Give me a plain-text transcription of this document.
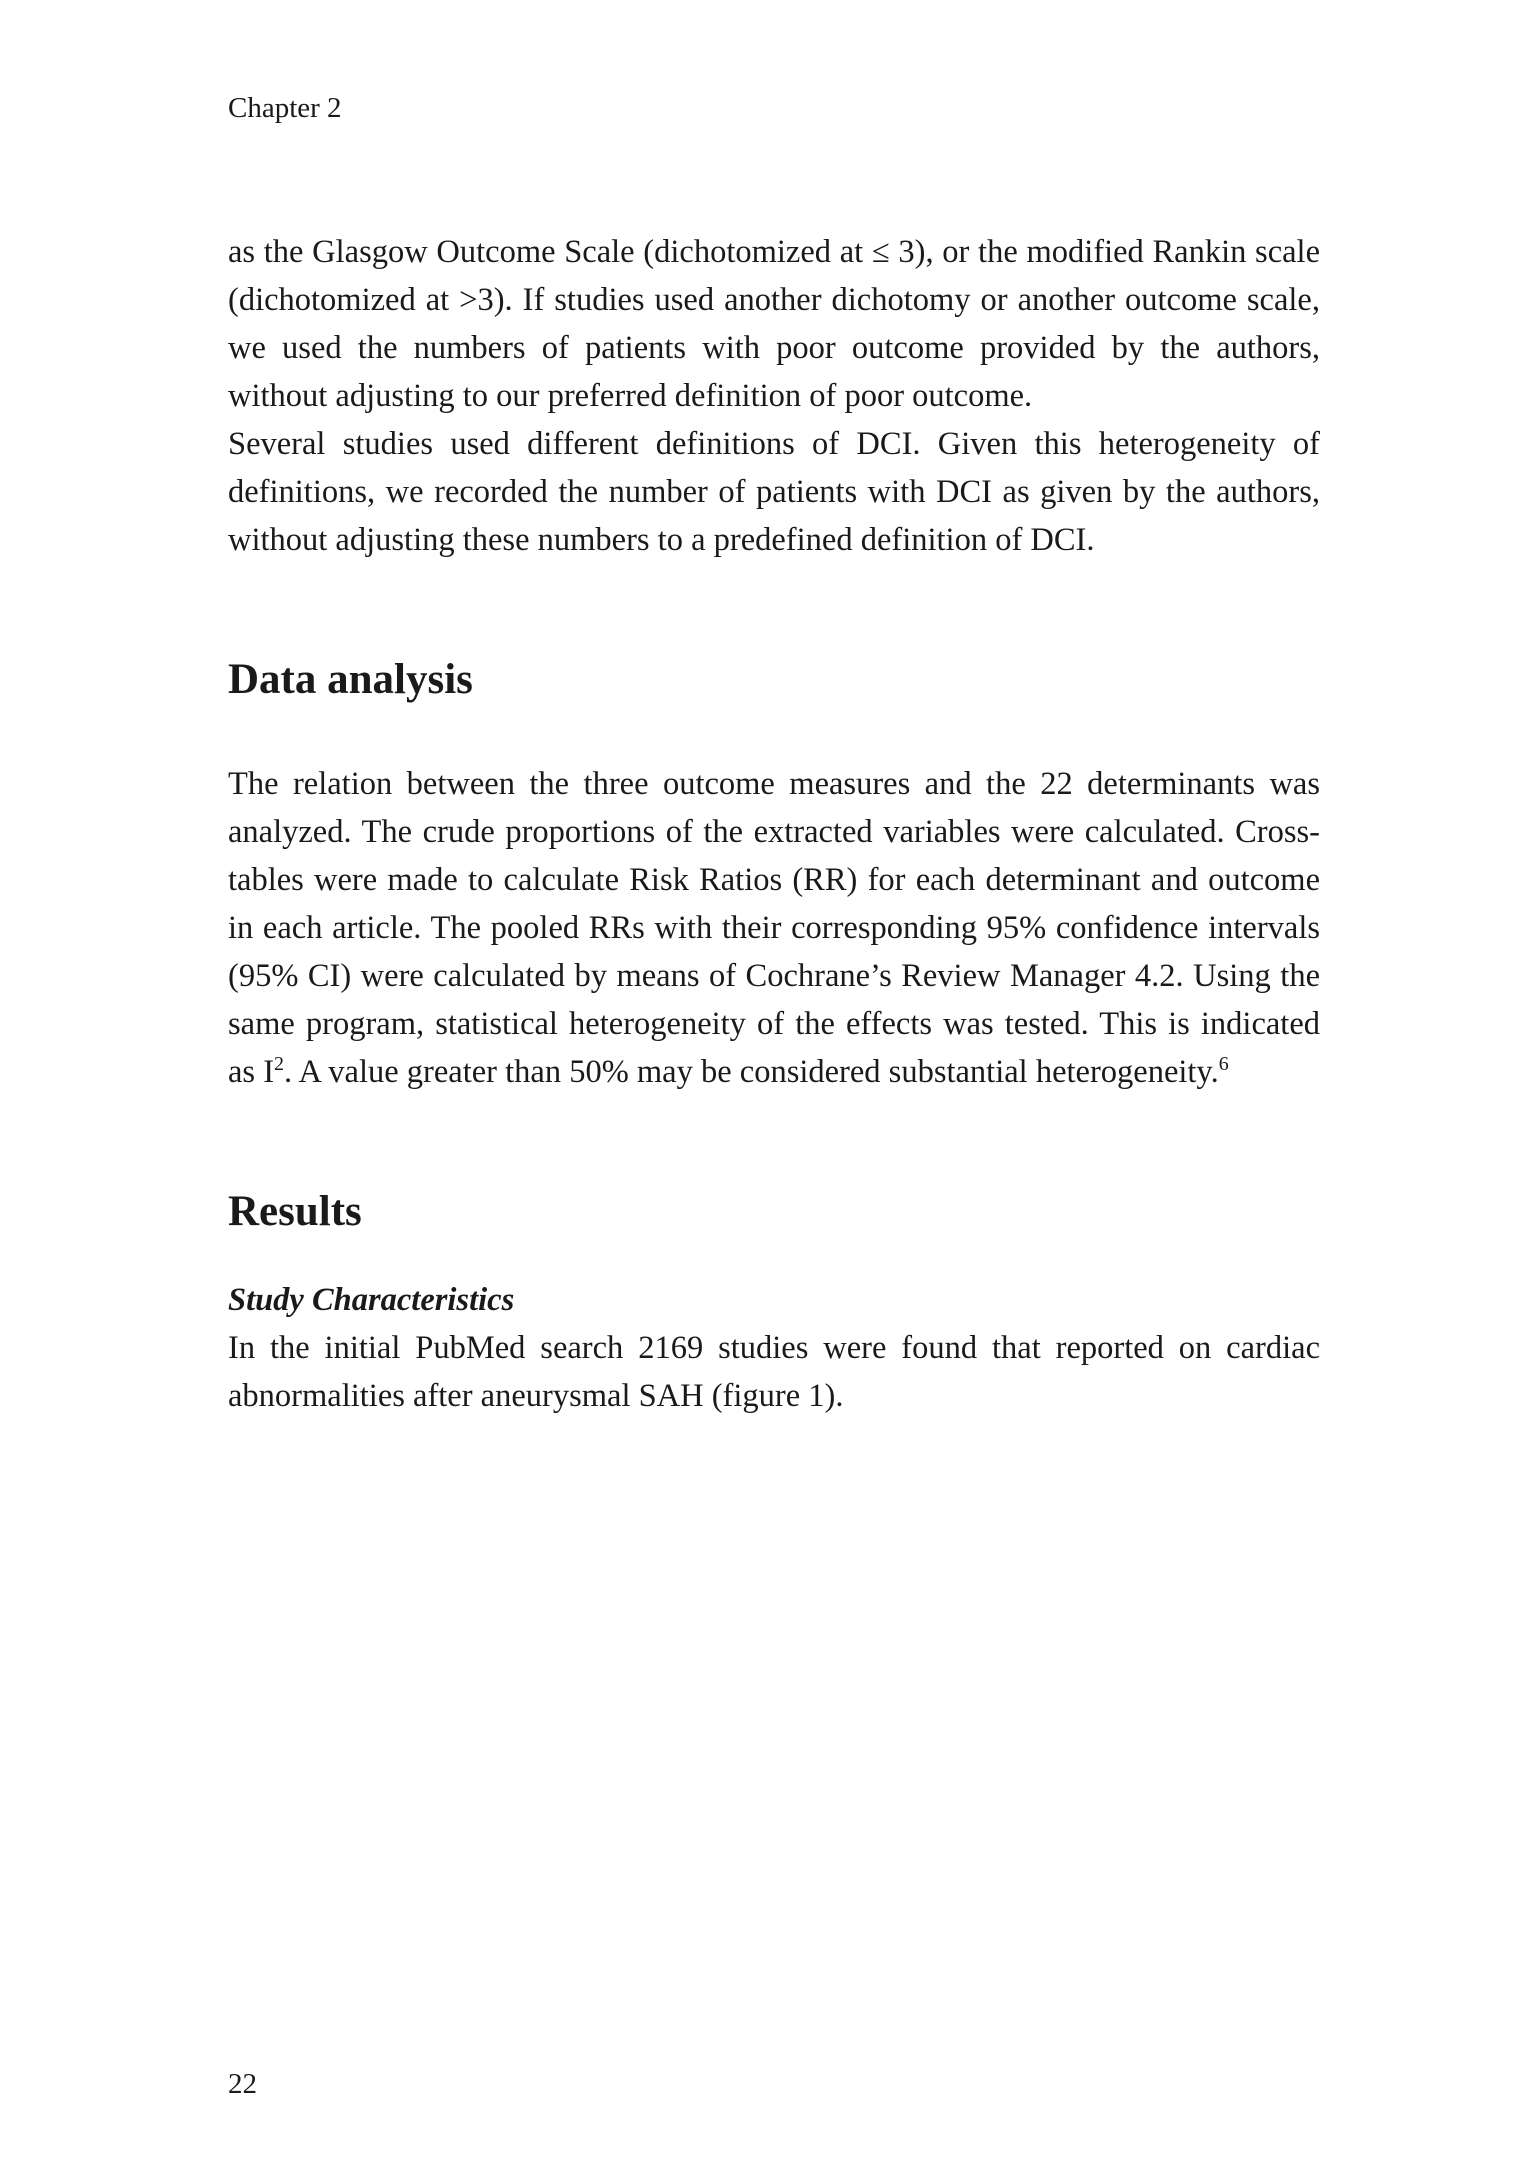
Chapter 2

as the Glasgow Outcome Scale (dichotomized at ≤ 3), or the modified Rankin scale (dichotomized at >3). If studies used another dichotomy or another outcome scale, we used the numbers of patients with poor outcome provided by the authors, without adjusting to our preferred definition of poor outcome.

Several studies used different definitions of DCI. Given this heterogeneity of definitions, we recorded the number of patients with DCI as given by the authors, without adjusting these numbers to a predefined definition of DCI.

Data analysis

The relation between the three outcome measures and the 22 determinants was analyzed. The crude proportions of the extracted variables were calculated. Cross-tables were made to calculate Risk Ratios (RR) for each determinant and outcome in each article. The pooled RRs with their corresponding 95% confidence intervals (95% CI) were calculated by means of Cochrane’s Review Manager 4.2. Using the same program, statistical heterogeneity of the effects was tested. This is indicated as $I^2$. A value greater than 50% may be considered substantial heterogeneity.$^6$

Results

Study Characteristics

In the initial PubMed search 2169 studies were found that reported on cardiac abnormalities after aneurysmal SAH (figure 1).

22
